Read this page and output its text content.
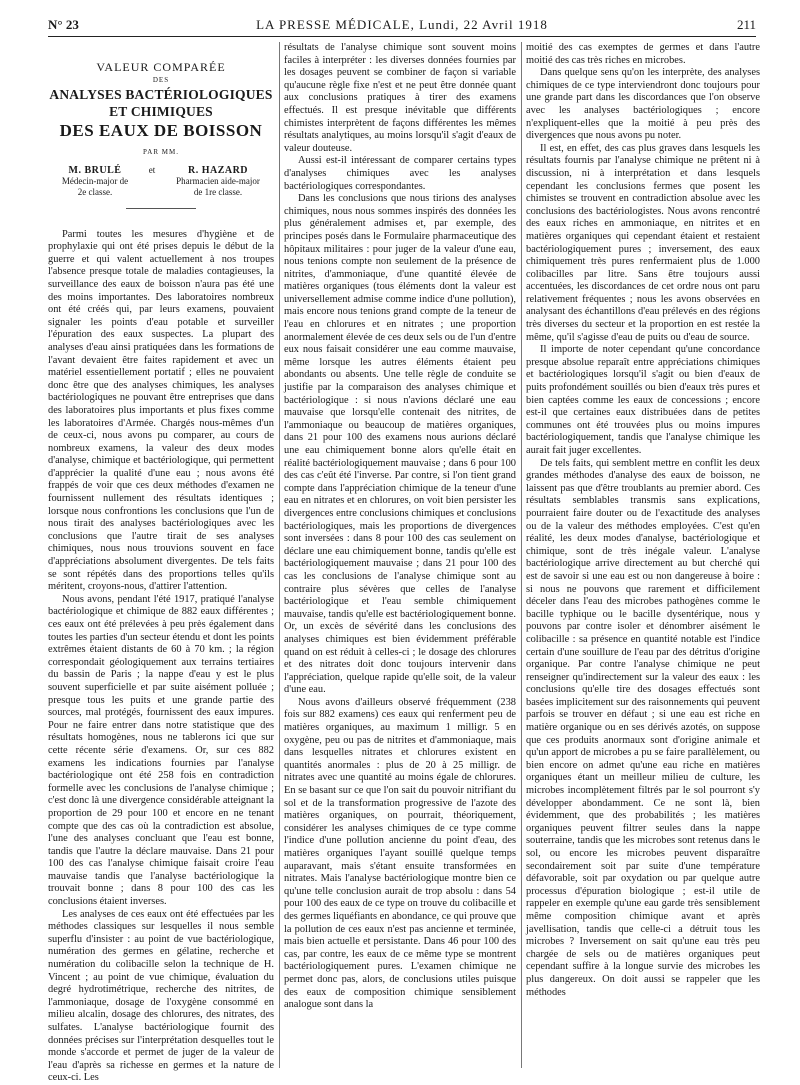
N° 23	LA PRESSE MÉDICALE, Lundi, 22 Avril 1918	211
VALEUR COMPARÉE
DES
ANALYSES BACTÉRIOLOGIQUES ET CHIMIQUES
DES EAUX DE BOISSON
PAR MM.
M. BRULÉ
Médecin-major de 2e classe.
et	R. HAZARD
Pharmacien aide-major de 1re classe.

Parmi toutes les mesures d'hygiène et de prophylaxie qui ont été prises depuis le début de la guerre et qui valent actuellement à nos troupes l'absence presque totale de maladies contagieuses, la surveillance des eaux de boisson n'aura pas été une des moins importantes. Des laboratoires nombreux ont été créés qui, par leurs examens, pouvaient signaler les points d'eau potable et surveiller l'épuration des eaux suspectes. La plupart des analyses d'eau ainsi pratiquées dans les formations de l'avant devaient être faites rapidement et avec un matériel essentiellement portatif ; elles ne pouvaient donc être que des analyses chimiques, les analyses bactériologiques ne pouvant être entreprises que dans des laboratoires plus importants et plus fixes comme les laboratoires d'Armée. Chargés nous-mêmes d'un de ceux-ci, nous avons pu comparer, au cours de nombreux examens, la valeur des deux modes d'analyse, chimique et bactériologique, qui permettent d'apprécier la qualité d'une eau ; nous avons été frappés de voir que ces deux méthodes d'examen ne fournissent nullement des résultats identiques ; lorsque nous confrontions les conclusions que l'un de nous tirait des analyses bactériologiques avec les conclusions que l'autre tirait de ses analyses chimiques, nous nous trouvions souvent en face d'appréciations absolument divergentes. De tels faits se sont répétés dans des proportions telles qu'ils méritent, croyons-nous, d'attirer l'attention.

Nous avons, pendant l'été 1917, pratiqué l'analyse bactériologique et chimique de 882 eaux différentes ; ces eaux ont été prélevées à peu près également dans toutes les parties d'un secteur étendu et dont les points extrêmes étaient distants de 60 à 70 km. ; la région correspondait géologiquement aux terrains tertiaires du bassin de Paris ; la nappe d'eau y est le plus souvent superficielle et par suite aisément polluée ; presque tous les puits et une grande partie des sources, mal protégés, fournissent des eaux impures. Pour ne faire entrer dans notre statistique que des résultats homogènes, nous ne tablerons ici que sur cette récente série d'examens. Or, sur ces 882 examens les indications fournies par l'analyse bactériologique ont été 258 fois en contradiction formelle avec les conclusions de l'analyse chimique ; c'est donc là une divergence considérable atteignant la proportion de 29 pour 100 et encore en ne tenant compte que des cas où la contradiction est absolue, l'une des analyses concluant que l'eau est bonne, tandis que l'autre la déclare mauvaise. Dans 21 pour 100 des cas l'analyse chimique faisait croire l'eau mauvaise tandis que l'analyse bactériologique la trouvait bonne ; dans 8 pour 100 des cas les conclusions étaient inverses.

Les analyses de ces eaux ont été effectuées par les méthodes classiques sur lesquelles il nous semble superflu d'insister : au point de vue bactériologique, numération des germes en gélatine, recherche et numération du colibacille selon la technique de H. Vincent ; au point de vue chimique, évaluation du degré hydrotimétrique, recherche des nitrites, de l'ammoniaque, dosage de l'oxygène consommé en milieu alcalin, dosage des chlorures, des nitrates, des sulfates. L'analyse bactériologique fournit des données précises sur l'interprétation desquelles tout le monde s'accorde et permet de juger de la valeur de l'eau d'après sa richesse en germes et la nature de ceux-ci. Les

résultats de l'analyse chimique sont souvent moins faciles à interpréter : les diverses données fournies par les dosages peuvent se combiner de façon si variable qu'aucune règle fixe n'est et ne peut être donnée quant aux conclusions pratiques à tirer des examens effectués. Il est presque inévitable que différents chimistes interprètent de façons différentes les mêmes résultats analytiques, au moins lorsqu'il s'agit d'eaux de valeur douteuse.

Aussi est-il intéressant de comparer certains types d'analyses chimiques avec les analyses bactériologiques correspondantes.

Dans les conclusions que nous tirions des analyses chimiques, nous nous sommes inspirés des données les plus généralement admises et, par exemple, des principes posés dans le Formulaire pharmaceutique des hôpitaux militaires : pour juger de la valeur d'une eau, nous tenions compte non seulement de la présence de nitrites, d'ammoniaque, d'une quantité élevée de matières organiques (tous éléments dont la valeur est universellement admise comme indice d'une pollution), mais encore nous tenions grand compte de la teneur de l'eau en chlorures et en nitrates ; une proportion anormalement élevée de ces deux sels ou de l'un d'entre eux nous faisait considérer une eau comme mauvaise, même lorsque les autres éléments étaient peu abondants ou absents. Une telle règle de conduite se justifie par la comparaison des analyses chimique et bactériologique : si nous n'avions déclaré une eau mauvaise que lorsqu'elle contenait des nitrites, de l'ammoniaque ou beaucoup de matières organiques, dans 21 pour 100 des examens nous aurions déclaré une eau chimiquement bonne alors qu'elle était en réalité bactériologiquement mauvaise ; dans 6 pour 100 des cas c'eût été l'inverse. Par contre, si l'on tient grand compte dans l'appréciation chimique de la teneur d'une eau en nitrates et en chlorures, on voit bien persister les divergences entre conclusions chimiques et conclusions bactériologiques, mais les proportions de divergences sont inversées : dans 8 pour 100 des cas seulement on déclare une eau chimiquement bonne, tandis qu'elle est bactériologiquement mauvaise ; dans 21 pour 100 des cas les conclusions de l'analyse chimique sont au contraire plus sévères que celles de l'analyse bactériologique et l'eau semble chimiquement mauvaise, tandis qu'elle est bactériologiquement bonne. Or, un excès de sévérité dans les conclusions des analyses chimiques est bien évidemment préférable quand on est réduit à celles-ci ; le dosage des chlorures et des nitrates doit donc toujours intervenir dans l'appréciation, quelque rapide qu'elle soit, de la valeur d'une eau.

Nous avons d'ailleurs observé fréquemment (238 fois sur 882 examens) ces eaux qui renferment peu de matières organiques, au maximum 1 milligr. 5 en oxygène, peu ou pas de nitrites et d'ammoniaque, mais dans lesquelles nitrates et chlorures existent en quantités anormales : plus de 20 à 25 milligr. de nitrates avec une quantité au moins égale de chlorures. En se basant sur ce que l'on sait du pouvoir nitrifiant du sol et de la transformation progressive de l'azote des matières organiques, on pourrait, théoriquement, considérer les analyses chimiques de ce type comme l'indice d'une pollution ancienne du point d'eau, des matières organiques l'ayant souillé quelque temps auparavant, mais s'étant ensuite transformées en nitrates. Mais l'analyse bactériologique montre bien ce qu'une telle conclusion aurait de trop absolu : dans 54 pour 100 des eaux de ce type on trouve du colibacille et des germes liquéfiants en abondance, ce qui prouve que la pollution de ces eaux n'est pas ancienne et terminée, mais bien actuelle et persistante. Dans 46 pour 100 des cas, par contre, les eaux de ce même type se montrent bactériologiquement pures. L'examen chimique ne permet donc pas, alors, de conclusions utiles puisque des eaux de composition chimique sensiblement analogue sont dans la

moitié des cas exemptes de germes et dans l'autre moitié des cas très riches en microbes.

Dans quelque sens qu'on les interprète, des analyses chimiques de ce type interviendront donc toujours pour une grande part dans les discordances que l'on observe avec les analyses bactériologiques ; encore n'expliquent-elles que la moitié à peu près des divergences que nous avons pu noter.

Il est, en effet, des cas plus graves dans lesquels les résultats fournis par l'analyse chimique ne prêtent ni à discussion, ni à interprétation et dans lesquels cependant les conclusions fermes que posent les chimistes se trouvent en contradiction absolue avec les conclusions des bactériologistes. Nous avons rencontré des eaux riches en ammoniaque, en nitrites et en matières organiques qui cependant étaient et restaient bactériologiquement pures ; inversement, des eaux chimiquement très pures renfermaient plus de 1.000 colibacilles par litre. Sans être toujours aussi accentuées, les discordances de cet ordre nous ont paru relativement fréquentes ; nous les avons observées en analysant des échantillons d'eau prélevés en des régions très diverses du secteur et la proportion en est restée la même, qu'il s'agisse d'eau de puits ou d'eau de source.

Il importe de noter cependant qu'une concordance presque absolue reparaît entre appréciations chimiques et bactériologiques lorsqu'il s'agit ou bien d'eaux de puits profondément souillés ou bien d'eaux très pures et bien captées comme les eaux de concessions ; encore est-il que certaines eaux distribuées dans de petites communes ont été trouvées plus ou moins impures bactériologiquement, tandis que l'analyse chimique les aurait fait juger excellentes.

De tels faits, qui semblent mettre en conflit les deux grandes méthodes d'analyse des eaux de boisson, ne laissent pas que d'être troublants au premier abord. Ces résultats semblables transmis sans explications, pourraient faire douter ou de l'exactitude des analyses ou de la valeur des méthodes employées. C'est qu'en réalité, les deux modes d'analyse, bactériologique et chimique, sont de très inégale valeur. L'analyse bactériologique arrive directement au but cherché qui est de savoir si une eau est ou non dangereuse à boire : si nous ne pouvons que rarement et difficilement déceler dans l'eau des microbes pathogènes comme le bacille typhique ou le bacille dysentérique, nous y pouvons par contre isoler et dénombrer aisément le colibacille : sa présence en quantité notable est l'indice certain d'une souillure de l'eau par des détritus d'origine organique. Par contre l'analyse chimique ne peut renseigner qu'indirectement sur la valeur des eaux : les conclusions qu'elle tire des dosages effectués sont basées implicitement sur des raisonnements qui peuvent parfois se trouver en défaut ; si une eau est riche en matière organique ou en ses dérivés azotés, on suppose que ces produits anormaux sont d'origine animale et qu'un apport de microbes a pu se faire parallèlement, ou bien encore on admet qu'une eau riche en matières organiques étant un meilleur milieu de culture, les microbes incomplètement filtrés par le sol pourront s'y développer abondamment. Ce ne sont là, bien évidemment, que des probabilités ; les matières organiques peuvent filtrer seules dans la nappe souterraine, tandis que les microbes sont retenus dans le sol, ou encore les microbes peuvent disparaître secondairement soit par suite d'une température défavorable, soit par oxydation ou par quelque autre processus d'épuration biologique ; est-il utile de rappeler en exemple qu'une eau garde très sensiblement même composition chimique avant et après javellisation, tandis que celle-ci a détruit tous les microbes ? Inversement on sait qu'une eau très peu chargée de sels ou de matières organiques peut cependant suffire à la longue survie des microbes les plus dangereux. On doit aussi se rappeler que les méthodes
